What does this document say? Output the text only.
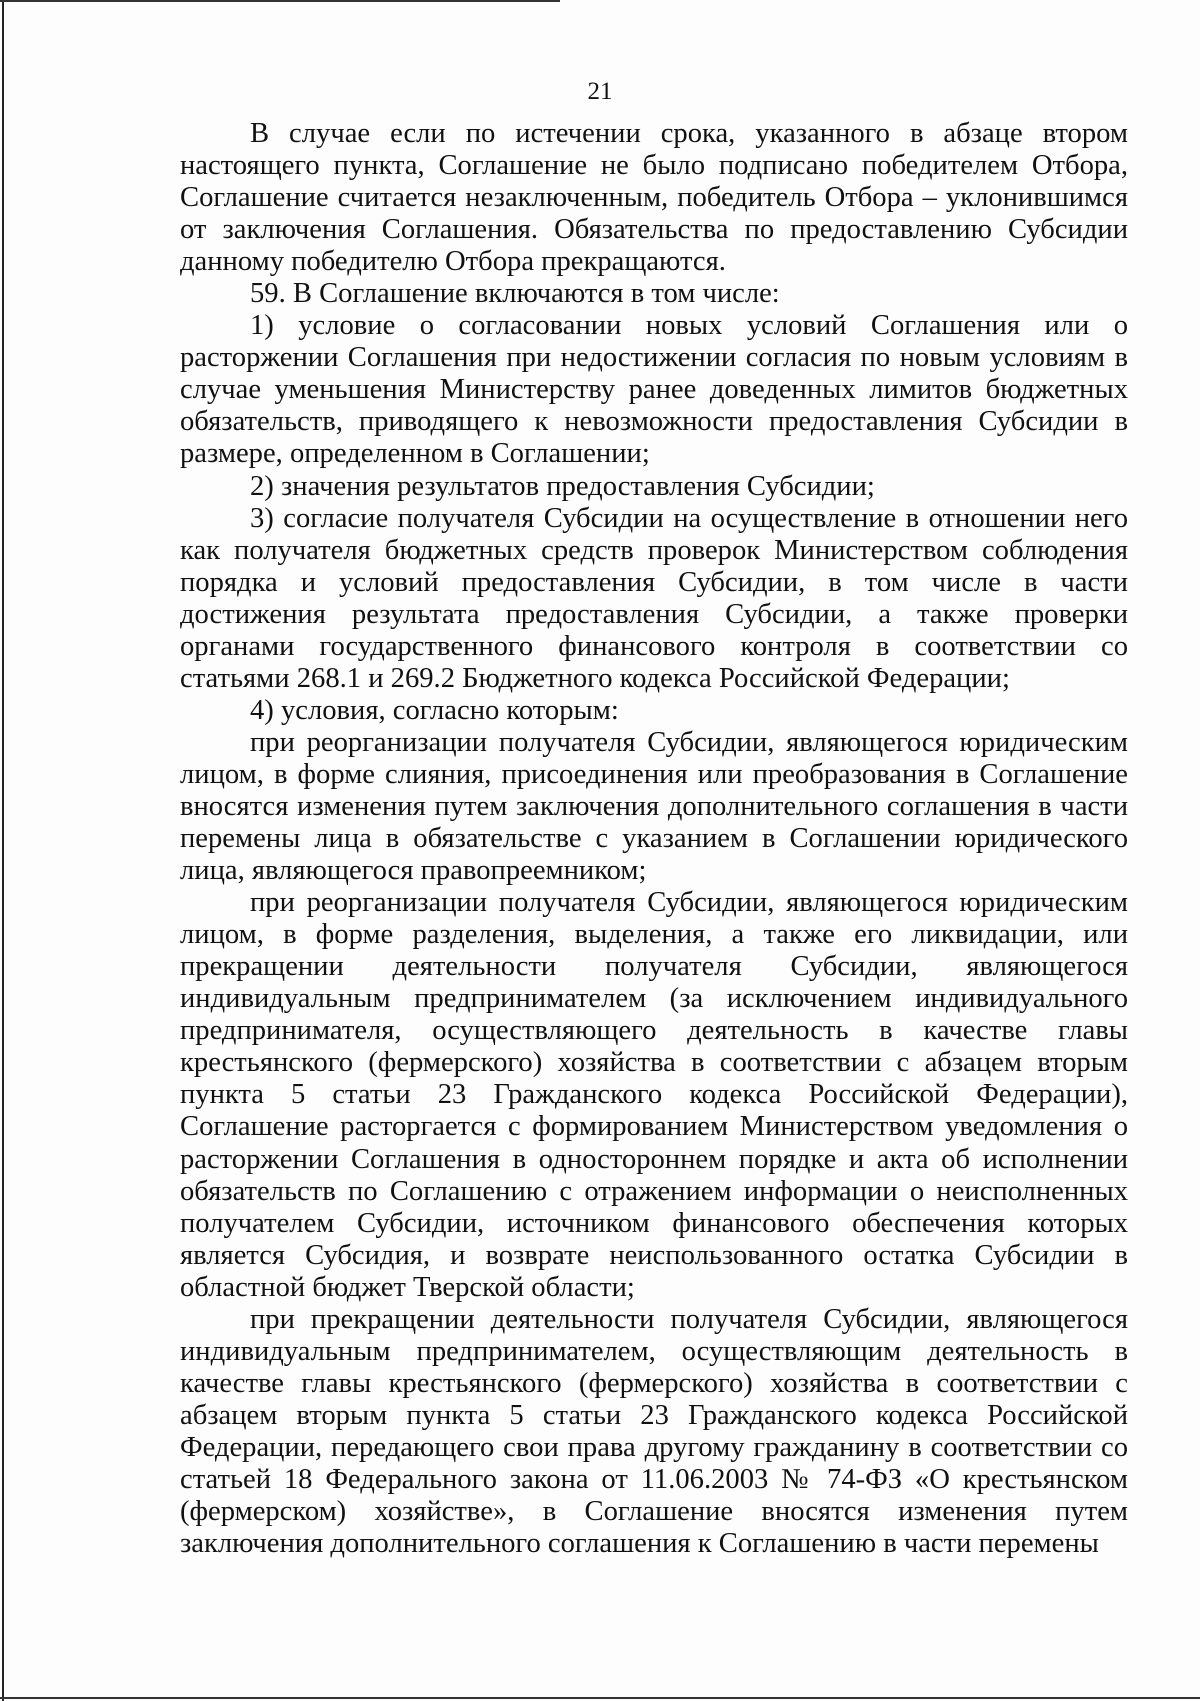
21

В случае если по истечении срока, указанного в абзаце втором настоящего пункта, Соглашение не было подписано победителем Отбора, Соглашение считается незаключенным, победитель Отбора – уклонившимся от заключения Соглашения. Обязательства по предоставлению Субсидии данному победителю Отбора прекращаются.

59. В Соглашение включаются в том числе:

1) условие о согласовании новых условий Соглашения или о расторжении Соглашения при недостижении согласия по новым условиям в случае уменьшения Министерству ранее доведенных лимитов бюджетных обязательств, приводящего к невозможности предоставления Субсидии в размере, определенном в Соглашении;

2) значения результатов предоставления Субсидии;

3) согласие получателя Субсидии на осуществление в отношении него как получателя бюджетных средств проверок Министерством соблюдения порядка и условий предоставления Субсидии, в том числе в части достижения результата предоставления Субсидии, а также проверки органами государственного финансового контроля в соответствии со статьями 268.1 и 269.2 Бюджетного кодекса Российской Федерации;

4) условия, согласно которым:

при реорганизации получателя Субсидии, являющегося юридическим лицом, в форме слияния, присоединения или преобразования в Соглашение вносятся изменения путем заключения дополнительного соглашения в части перемены лица в обязательстве с указанием в Соглашении юридического лица, являющегося правопреемником;

при реорганизации получателя Субсидии, являющегося юридическим лицом, в форме разделения, выделения, а также его ликвидации, или прекращении деятельности получателя Субсидии, являющегося индивидуальным предпринимателем (за исключением индивидуального предпринимателя, осуществляющего деятельность в качестве главы крестьянского (фермерского) хозяйства в соответствии с абзацем вторым пункта 5 статьи 23 Гражданского кодекса Российской Федерации), Соглашение расторгается с формированием Министерством уведомления о расторжении Соглашения в одностороннем порядке и акта об исполнении обязательств по Соглашению с отражением информации о неисполненных получателем Субсидии, источником финансового обеспечения которых является Субсидия, и возврате неиспользованного остатка Субсидии в областной бюджет Тверской области;

при прекращении деятельности получателя Субсидии, являющегося индивидуальным предпринимателем, осуществляющим деятельность в качестве главы крестьянского (фермерского) хозяйства в соответствии с абзацем вторым пункта 5 статьи 23 Гражданского кодекса Российской Федерации, передающего свои права другому гражданину в соответствии со статьей 18 Федерального закона от 11.06.2003 № 74-ФЗ «О крестьянском (фермерском) хозяйстве», в Соглашение вносятся изменения путем заключения дополнительного соглашения к Соглашению в части перемены
